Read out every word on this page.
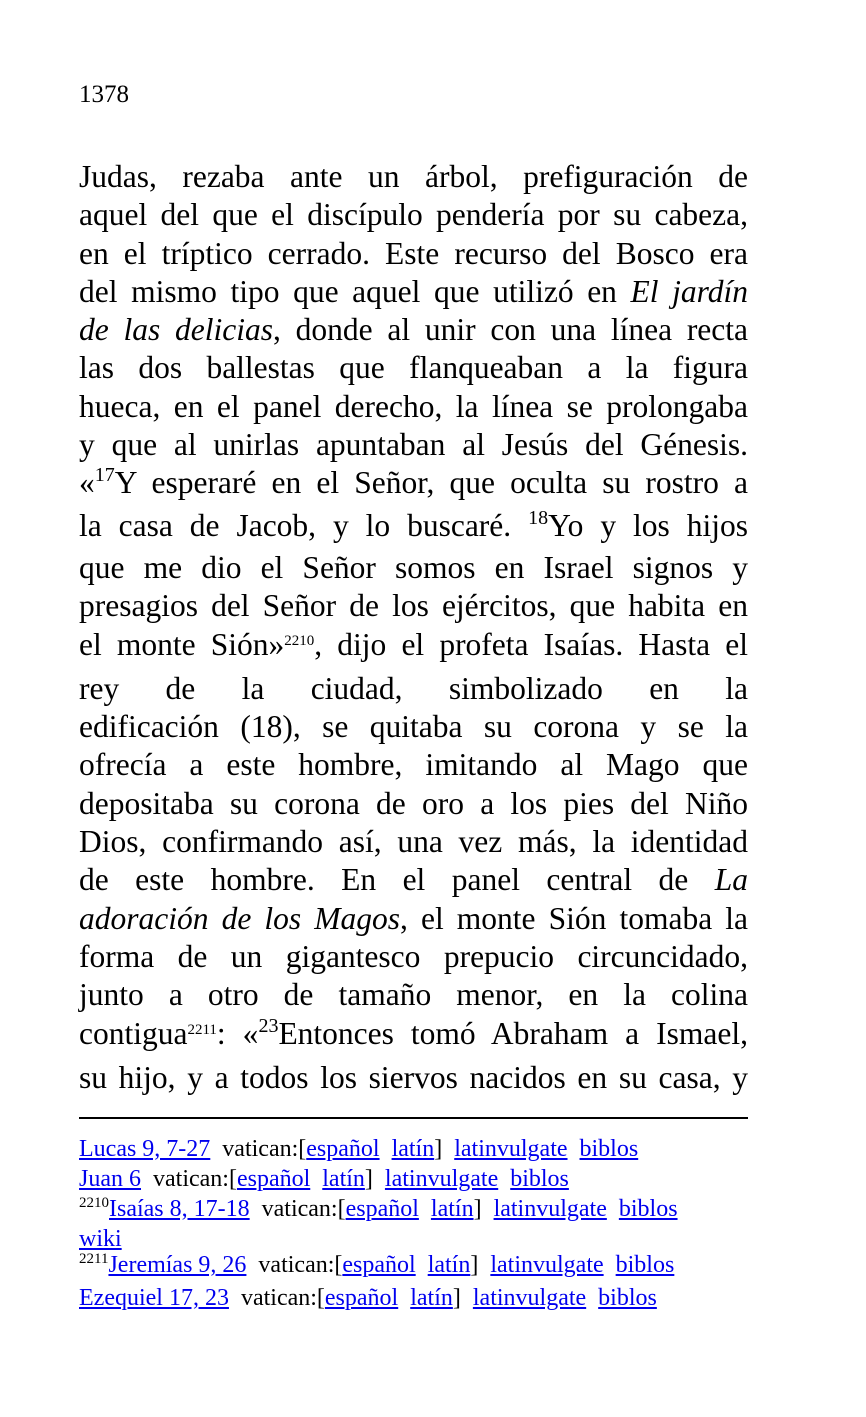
1378
Judas, rezaba ante un árbol, prefiguración de
aquel del que el discípulo pendería por su cabeza,
en el tríptico cerrado. Este recurso del Bosco era
del mismo tipo que aquel que utilizó en El jardín
de las delicias, donde al unir con una línea recta
las dos ballestas que flanqueaban a la figura
hueca, en el panel derecho, la línea se prolongaba
y que al unirlas apuntaban al Jesús del Génesis.
«$^{17}$Y esperaré en el Señor, que oculta su rostro a
la casa de Jacob, y lo buscaré. $^{18}$Yo y los hijos
que me dio el Señor somos en Israel signos y
presagios del Señor de los ejércitos, que habita en
el monte Sión»$^{2210}$, dijo el profeta Isaías. Hasta el
rey de la ciudad, simbolizado en la
edificación (18), se quitaba su corona y se la
ofrecía a este hombre, imitando al Mago que
depositaba su corona de oro a los pies del Niño
Dios, confirmando así, una vez más, la identidad
de este hombre. En el panel central de La
adoración de los Magos, el monte Sión tomaba la
forma de un gigantesco prepucio circuncidado,
junto a otro de tamaño menor, en la colina
contigua$^{2211}$: «$^{23}$Entonces tomó Abraham a Ismael,
su hijo, y a todos los siervos nacidos en su casa, y
Lucas 9, 7-27 vatican:[español latín] latinvulgate biblos
Juan 6 vatican:[español latín] latinvulgate biblos
$^{2210}$Isaías 8, 17-18 vatican:[español latín] latinvulgate biblos
wiki
$^{2211}$Jeremías 9, 26 vatican:[español latín] latinvulgate biblos
Ezequiel 17, 23 vatican:[español latín] latinvulgate biblos
